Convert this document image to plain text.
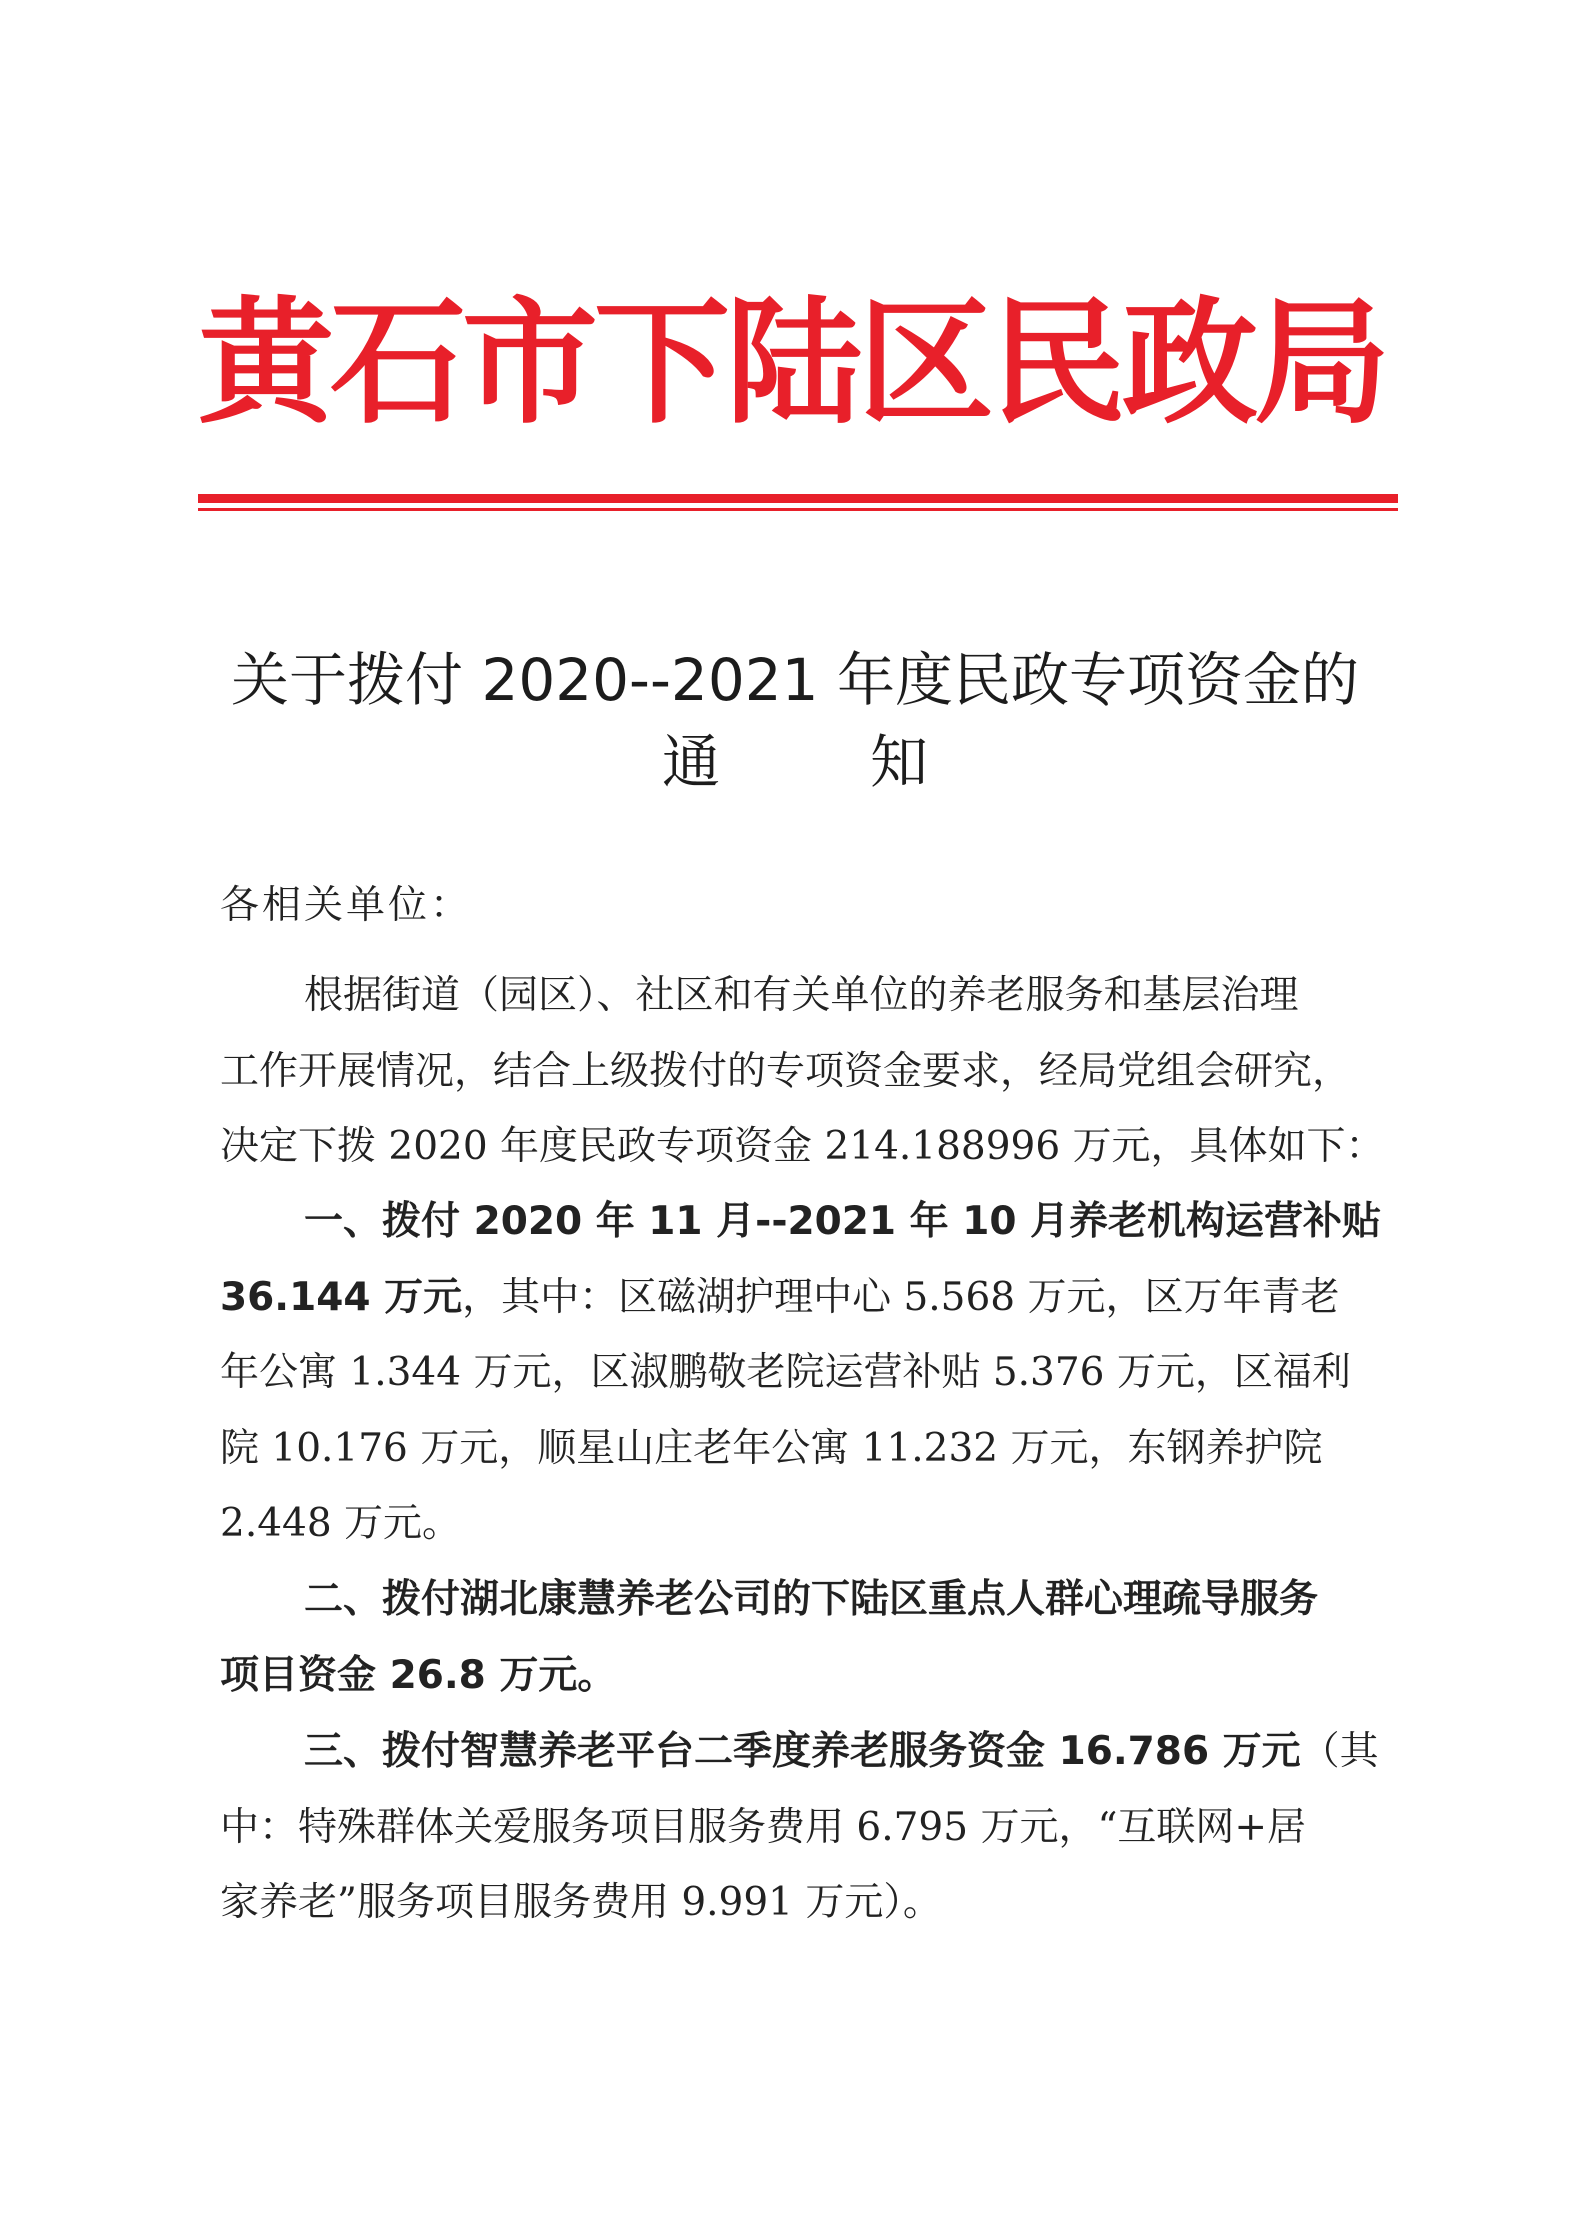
黄石市下陆区民政局
关于拨付 2020--2021 年度民政专项资金的
通知
各相关单位：
根据街道（园区）、社区和有关单位的养老服务和基层治理
工作开展情况，结合上级拨付的专项资金要求，经局党组会研究，
决定下拨 2020 年度民政专项资金 214.188996 万元，具体如下：
一、拨付 2020 年 11 月--2021 年 10 月养老机构运营补贴
36.144 万元，其中：区磁湖护理中心 5.568 万元，区万年青老
年公寓 1.344 万元，区淑鹏敬老院运营补贴 5.376 万元，区福利
院 10.176 万元，顺星山庄老年公寓 11.232 万元，东钢养护院
2.448 万元。
二、拨付湖北康慧养老公司的下陆区重点人群心理疏导服务
项目资金 26.8 万元。
三、拨付智慧养老平台二季度养老服务资金 16.786 万元（其
中：特殊群体关爱服务项目服务费用 6.795 万元，“互联网+居
家养老”服务项目服务费用 9.991 万元）。
